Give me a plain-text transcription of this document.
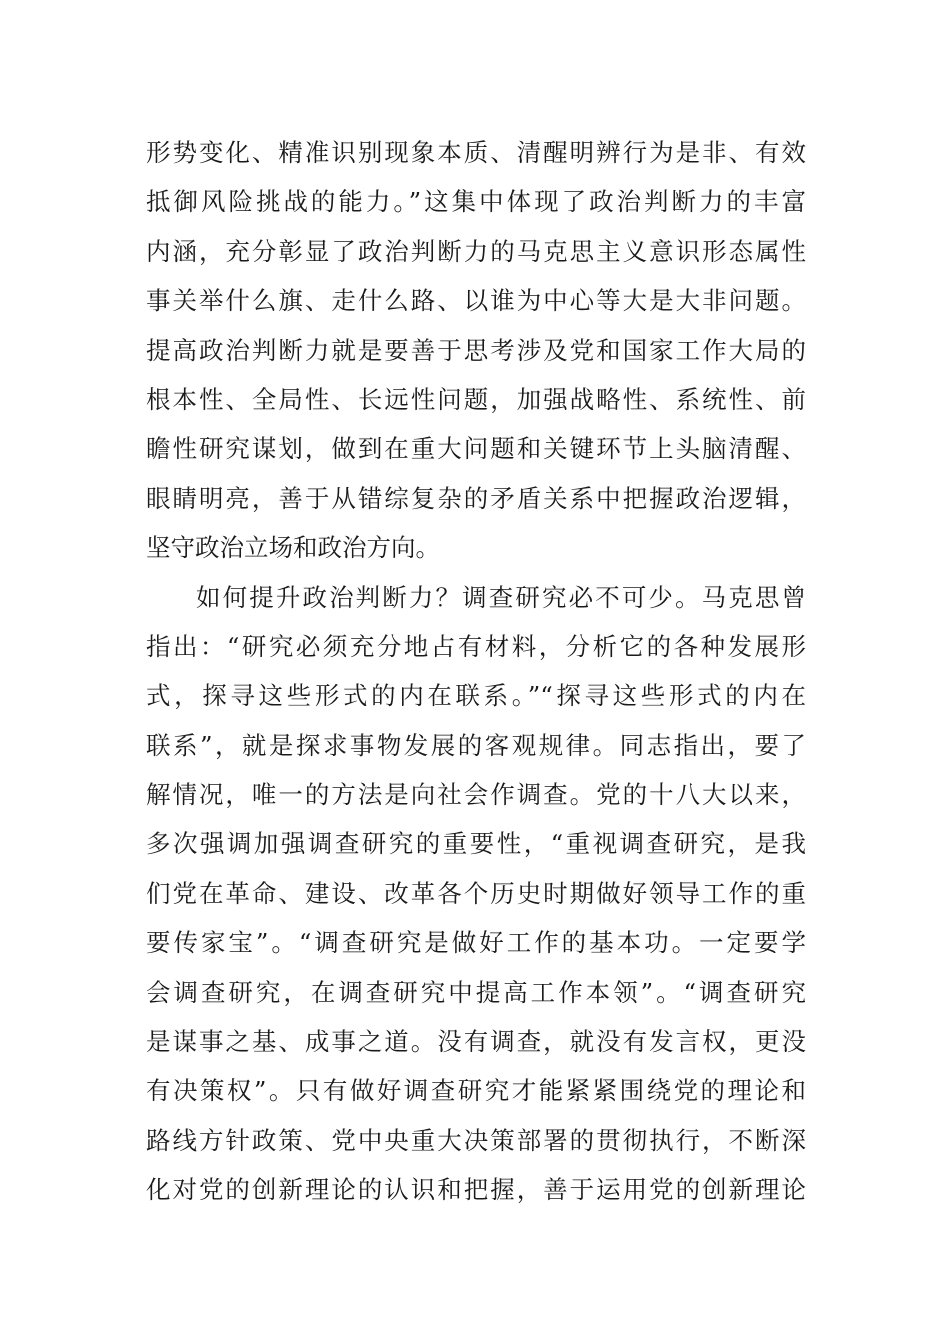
形势变化、精准识别现象本质、清醒明辨行为是非、有效
抵御风险挑战的能力。”这集中体现了政治判断力的丰富
内涵，充分彰显了政治判断力的马克思主义意识形态属性
事关举什么旗、走什么路、以谁为中心等大是大非问题。
提高政治判断力就是要善于思考涉及党和国家工作大局的
根本性、全局性、长远性问题，加强战略性、系统性、前
瞻性研究谋划，做到在重大问题和关键环节上头脑清醒、
眼睛明亮，善于从错综复杂的矛盾关系中把握政治逻辑，
坚守政治立场和政治方向。
如何提升政治判断力？调查研究必不可少。马克思曾
指出：“研究必须充分地占有材料，分析它的各种发展形
式，探寻这些形式的内在联系。”“探寻这些形式的内在
联系”，就是探求事物发展的客观规律。同志指出，要了
解情况，唯一的方法是向社会作调查。党的十八大以来，
多次强调加强调查研究的重要性，“重视调查研究，是我
们党在革命、建设、改革各个历史时期做好领导工作的重
要传家宝”。“调查研究是做好工作的基本功。一定要学
会调查研究，在调查研究中提高工作本领”。“调查研究
是谋事之基、成事之道。没有调查，就没有发言权，更没
有决策权”。只有做好调查研究才能紧紧围绕党的理论和
路线方针政策、党中央重大决策部署的贯彻执行，不断深
化对党的创新理论的认识和把握，善于运用党的创新理论
